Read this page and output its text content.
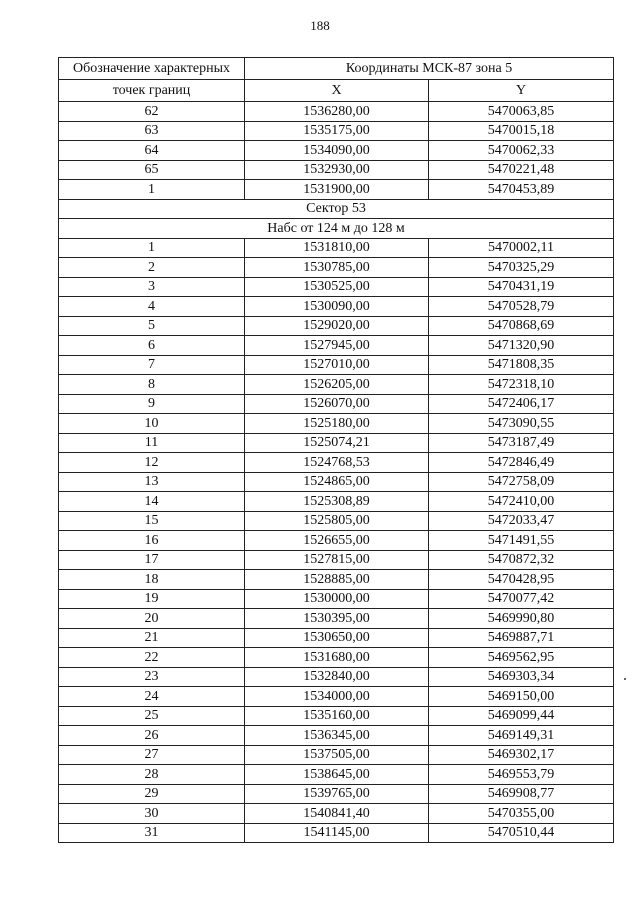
188
Обозначение характерных	Координаты МСК-87 зона 5	
точек границ	X	Y
62	1536280,00	5470063,85
63	1535175,00	5470015,18
64	1534090,00	5470062,33
65	1532930,00	5470221,48
1	1531900,00	5470453,89
Сектор 53		
Набс от 124 м до 128 м		
1	1531810,00	5470002,11
2	1530785,00	5470325,29
3	1530525,00	5470431,19
4	1530090,00	5470528,79
5	1529020,00	5470868,69
6	1527945,00	5471320,90
7	1527010,00	5471808,35
8	1526205,00	5472318,10
9	1526070,00	5472406,17
10	1525180,00	5473090,55
11	1525074,21	5473187,49
12	1524768,53	5472846,49
13	1524865,00	5472758,09
14	1525308,89	5472410,00
15	1525805,00	5472033,47
16	1526655,00	5471491,55
17	1527815,00	5470872,32
18	1528885,00	5470428,95
19	1530000,00	5470077,42
20	1530395,00	5469990,80
21	1530650,00	5469887,71
22	1531680,00	5469562,95
23	1532840,00	5469303,34
24	1534000,00	5469150,00
25	1535160,00	5469099,44
26	1536345,00	5469149,31
27	1537505,00	5469302,17
28	1538645,00	5469553,79
29	1539765,00	5469908,77
30	1540841,40	5470355,00
31	1541145,00	5470510,44
